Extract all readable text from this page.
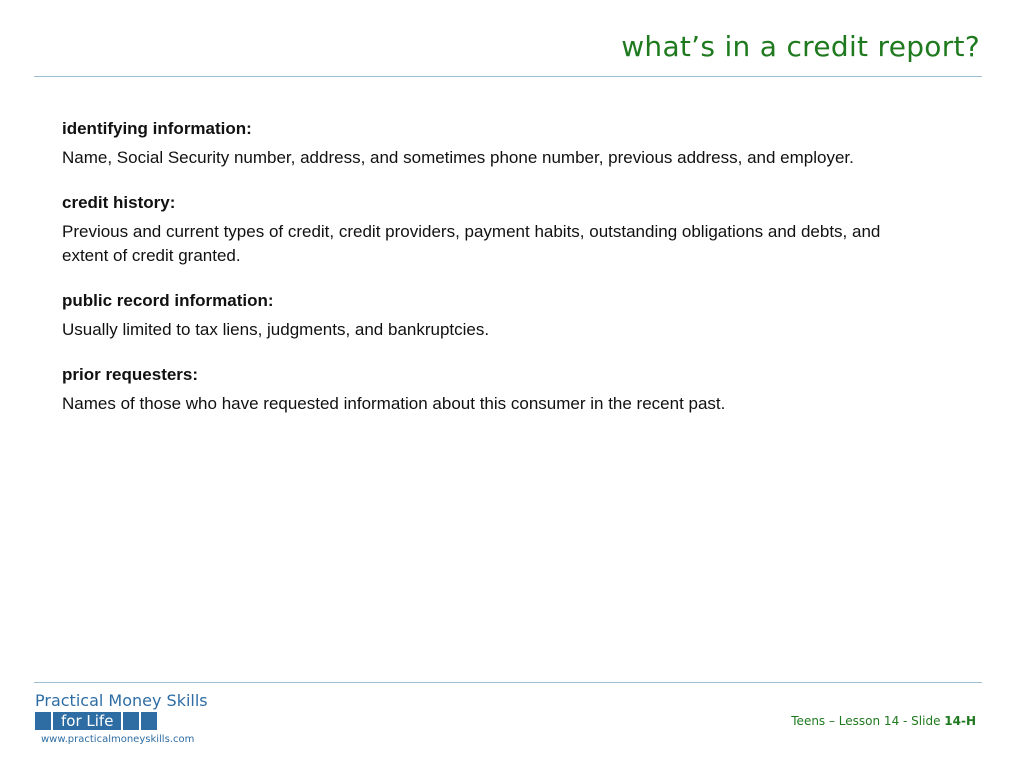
what’s in a credit report?

identifying information:

Name, Social Security number, address, and sometimes phone number, previous address, and employer.

credit history:

Previous and current types of credit, credit providers, payment habits, outstanding obligations and debts, and extent of credit granted.

public record information:

Usually limited to tax liens, judgments, and bankruptcies.

prior requesters:

Names of those who have requested information about this consumer in the recent past.

Practical Money Skills
for Life
www.practicalmoneyskills.com
Teens – Lesson 14 - Slide 14-H
